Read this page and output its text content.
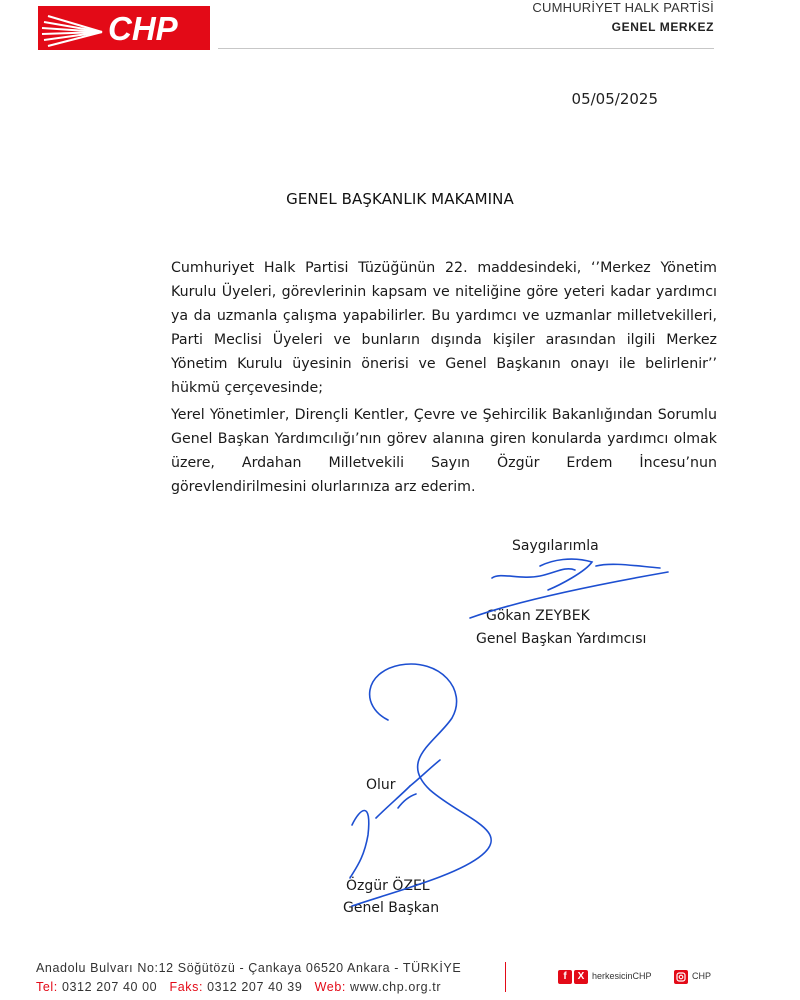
CHP
CUMHURİYET HALK PARTİSİ
GENEL MERKEZ
05/05/2025
GENEL BAŞKANLIK MAKAMINA
Cumhuriyet Halk Partisi Tüzüğünün 22. maddesindeki, ‘’Merkez Yönetim Kurulu Üyeleri, görevlerinin kapsam ve niteliğine göre yeteri kadar yardımcı ya da uzmanla çalışma yapabilirler. Bu yardımcı ve uzmanlar milletvekilleri, Parti Meclisi Üyeleri ve bunların dışında kişiler arasından ilgili Merkez Yönetim Kurulu üyesinin önerisi ve Genel Başkanın onayı ile belirlenir’’ hükmü çerçevesinde;
Yerel Yönetimler, Dirençli Kentler, Çevre ve Şehircilik Bakanlığından Sorumlu Genel Başkan Yardımcılığı’nın görev alanına giren konularda yardımcı olmak üzere, Ardahan Milletvekili Sayın Özgür Erdem İncesu’nun görevlendirilmesini olurlarınıza arz ederim.
Saygılarımla
Gökan ZEYBEK
Genel Başkan Yardımcısı
Olur
Özgür ÖZEL
Genel Başkan
Anadolu Bulvarı No:12 Söğütözü - Çankaya 06520 Ankara - TÜRKİYE
Tel: 0312 207 40 00 Faks: 0312 207 40 39 Web: www.chp.org.tr
f	X herkesicinCHP	CHP
